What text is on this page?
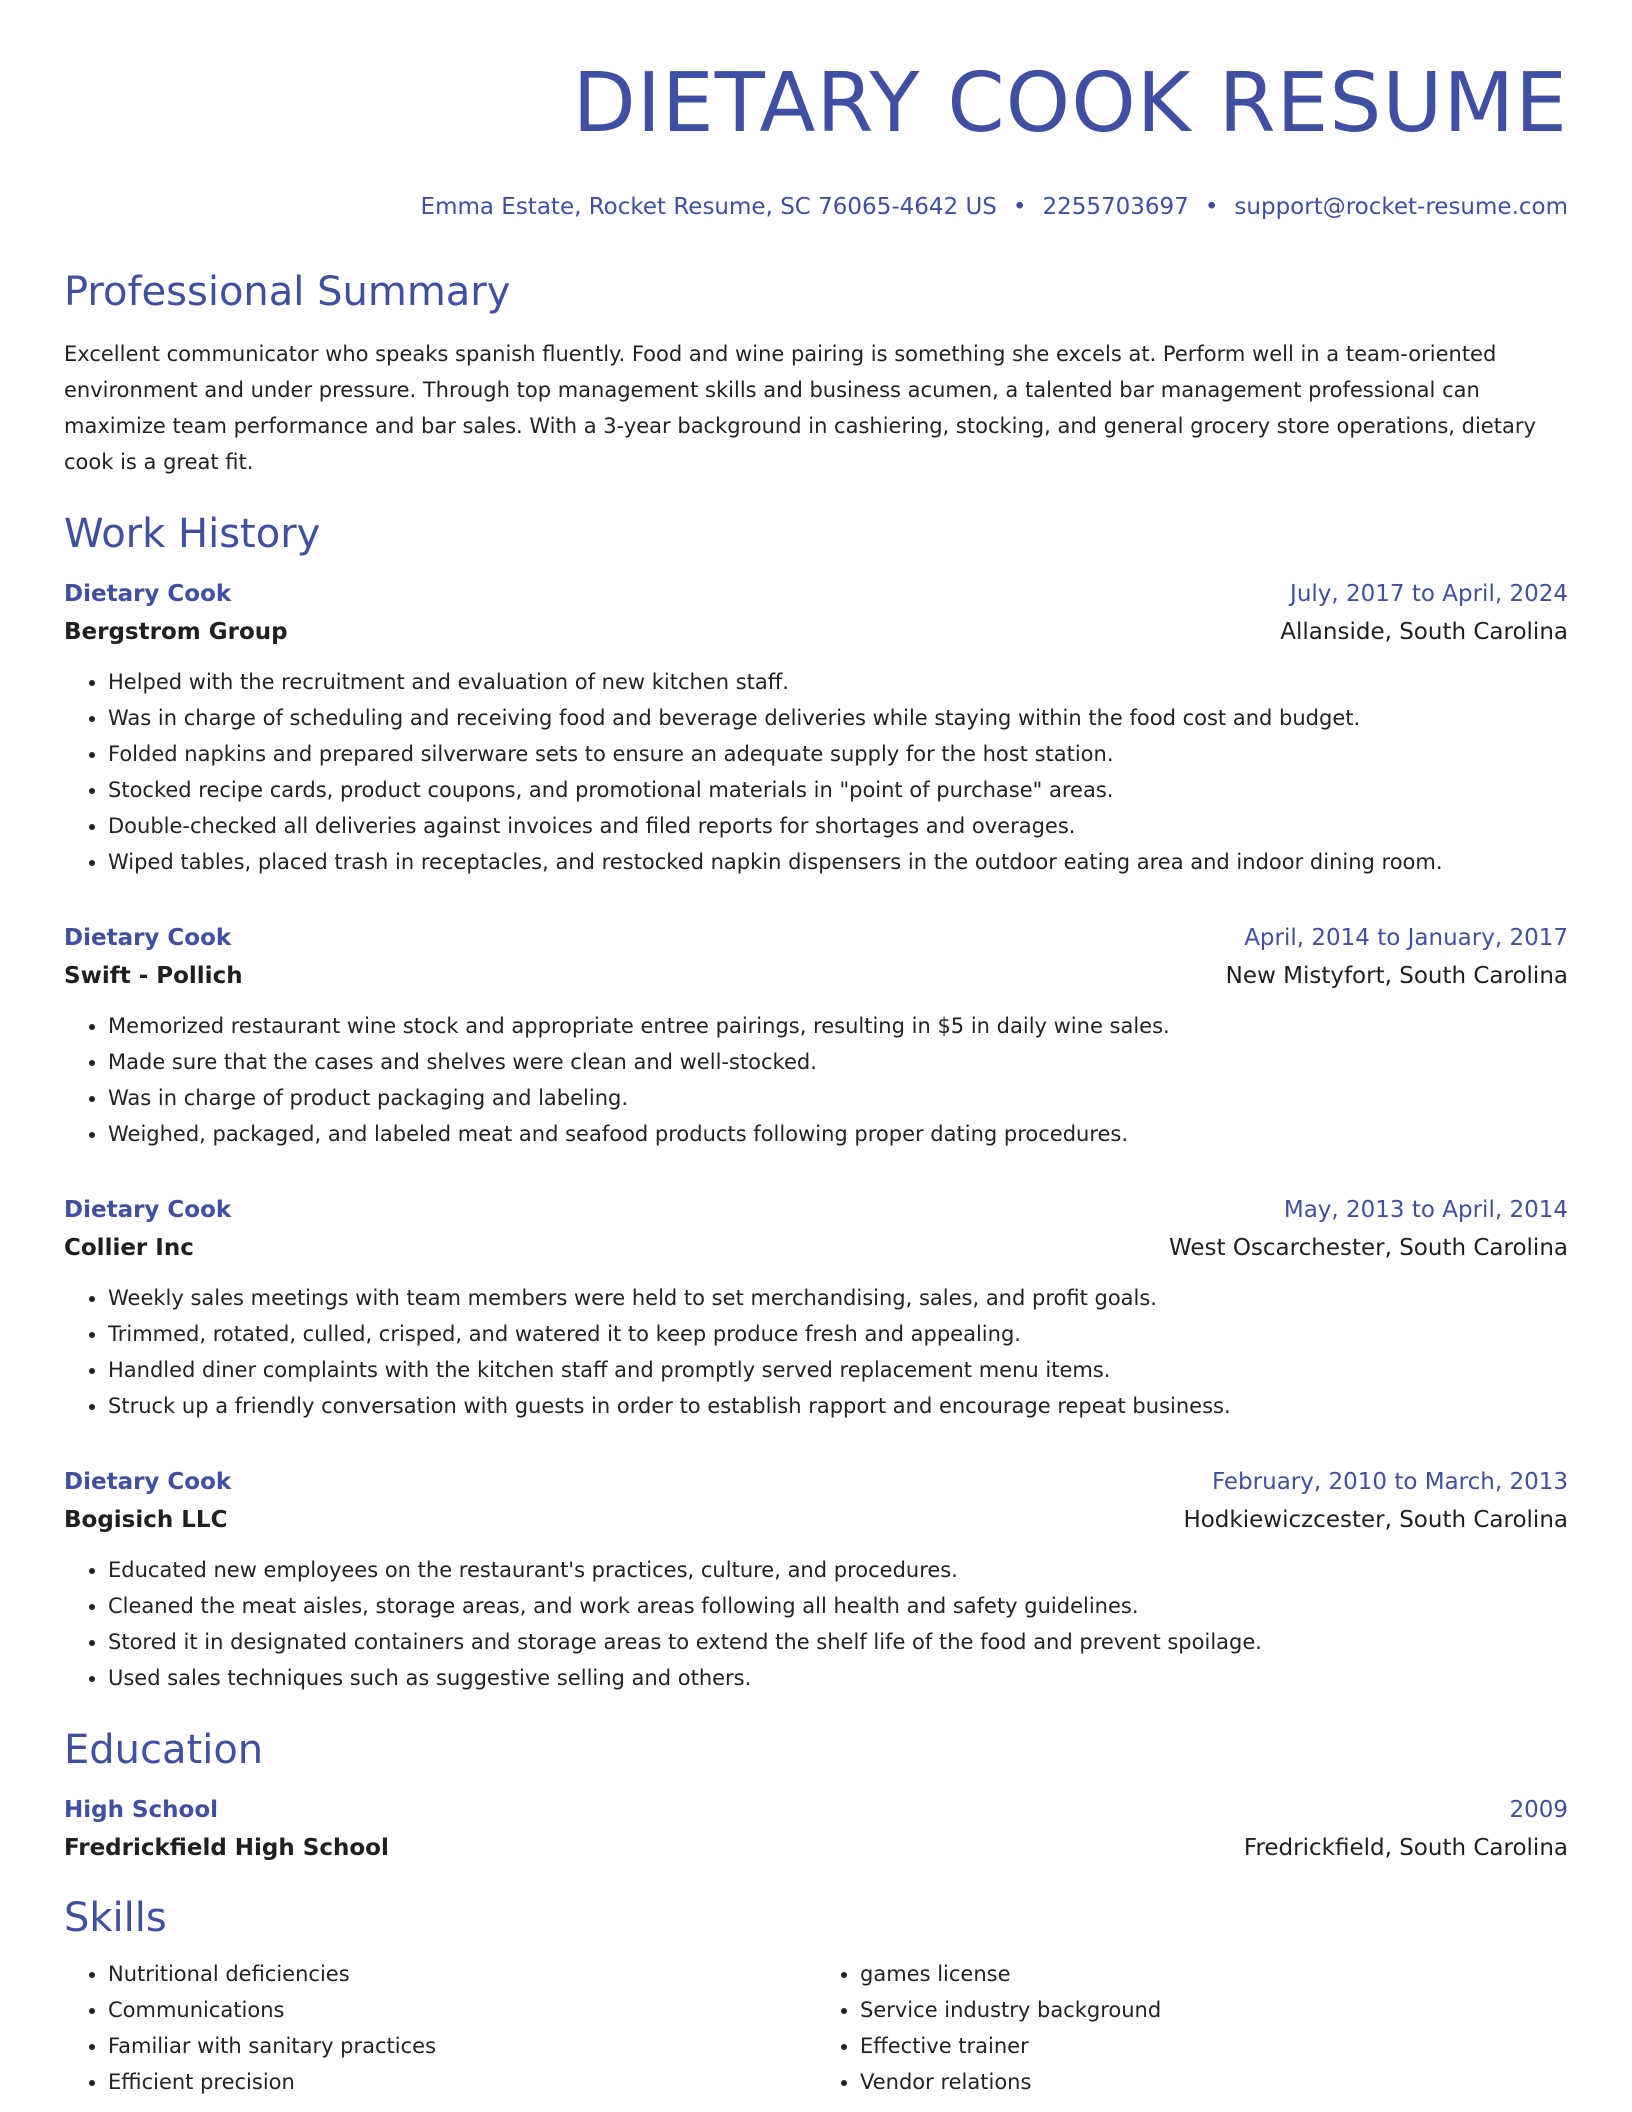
DIETARY COOK RESUME
Emma Estate, Rocket Resume, SC 76065-4642 US • 2255703697 • support@rocket-resume.com
Professional Summary
Excellent communicator who speaks spanish fluently. Food and wine pairing is something she excels at. Perform well in a team-oriented environment and under pressure. Through top management skills and business acumen, a talented bar management professional can maximize team performance and bar sales. With a 3-year background in cashiering, stocking, and general grocery store operations, dietary cook is a great fit.
Work History
Dietary Cook	July, 2017 to April, 2024
Bergstrom Group	Allanside, South Carolina
• Helped with the recruitment and evaluation of new kitchen staff.
• Was in charge of scheduling and receiving food and beverage deliveries while staying within the food cost and budget.
• Folded napkins and prepared silverware sets to ensure an adequate supply for the host station.
• Stocked recipe cards, product coupons, and promotional materials in "point of purchase" areas.
• Double-checked all deliveries against invoices and filed reports for shortages and overages.
• Wiped tables, placed trash in receptacles, and restocked napkin dispensers in the outdoor eating area and indoor dining room.
Dietary Cook	April, 2014 to January, 2017
Swift - Pollich	New Mistyfort, South Carolina
• Memorized restaurant wine stock and appropriate entree pairings, resulting in $5 in daily wine sales.
• Made sure that the cases and shelves were clean and well-stocked.
• Was in charge of product packaging and labeling.
• Weighed, packaged, and labeled meat and seafood products following proper dating procedures.
Dietary Cook	May, 2013 to April, 2014
Collier Inc	West Oscarchester, South Carolina
• Weekly sales meetings with team members were held to set merchandising, sales, and profit goals.
• Trimmed, rotated, culled, crisped, and watered it to keep produce fresh and appealing.
• Handled diner complaints with the kitchen staff and promptly served replacement menu items.
• Struck up a friendly conversation with guests in order to establish rapport and encourage repeat business.
Dietary Cook	February, 2010 to March, 2013
Bogisich LLC	Hodkiewiczcester, South Carolina
• Educated new employees on the restaurant's practices, culture, and procedures.
• Cleaned the meat aisles, storage areas, and work areas following all health and safety guidelines.
• Stored it in designated containers and storage areas to extend the shelf life of the food and prevent spoilage.
• Used sales techniques such as suggestive selling and others.
Education
High School	2009
Fredrickfield High School	Fredrickfield, South Carolina
Skills
• Nutritional deficiencies
• Communications
• Familiar with sanitary practices
• Efficient precision
• games license
• Service industry background
• Effective trainer
• Vendor relations
